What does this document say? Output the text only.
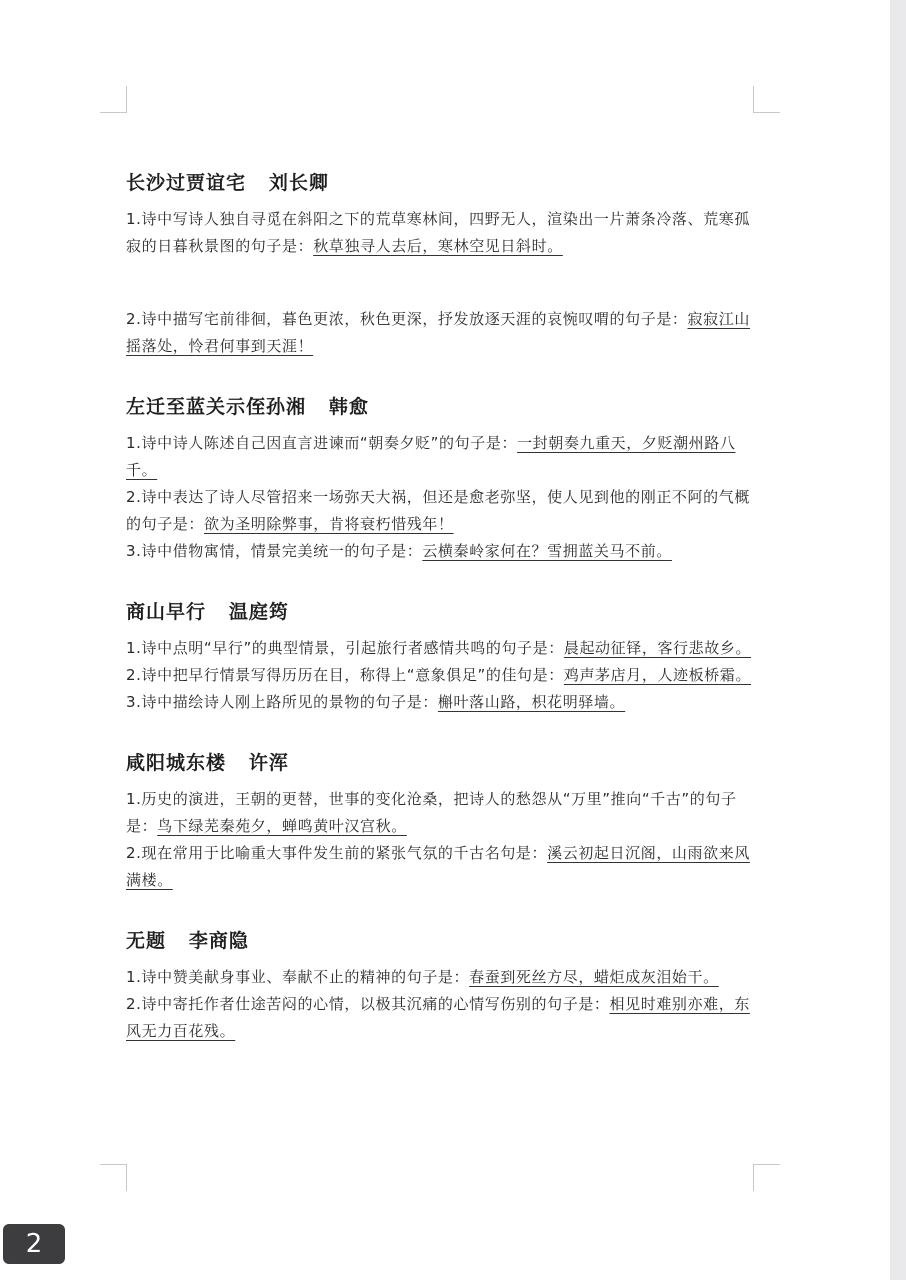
长沙过贾谊宅   刘长卿

1.诗中写诗人独自寻觅在斜阳之下的荒草寒林间，四野无人，渲染出一片萧条冷落、荒寒孤寂的日暮秋景图的句子是：秋草独寻人去后，寒林空见日斜时。

2.诗中描写宅前徘徊，暮色更浓，秋色更深，抒发放逐天涯的哀惋叹喟的句子是：寂寂江山摇落处，怜君何事到天涯！

左迁至蓝关示侄孙湘   韩愈

1.诗中诗人陈述自己因直言进谏而“朝奏夕贬”的句子是：一封朝奏九重天，夕贬潮州路八千。

2.诗中表达了诗人尽管招来一场弥天大祸，但还是愈老弥坚，使人见到他的刚正不阿的气概的句子是：欲为圣明除弊事，肯将衰朽惜残年！

3.诗中借物寓情，情景完美统一的句子是：云横秦岭家何在？雪拥蓝关马不前。

商山早行   温庭筠

1.诗中点明“早行”的典型情景，引起旅行者感情共鸣的句子是：晨起动征铎，客行悲故乡。

2.诗中把早行情景写得历历在目，称得上“意象俱足”的佳句是：鸡声茅店月，人迹板桥霜。

3.诗中描绘诗人刚上路所见的景物的句子是：槲叶落山路，枳花明驿墙。

咸阳城东楼   许浑

1.历史的演进，王朝的更替，世事的变化沧桑，把诗人的愁怨从“万里”推向“千古”的句子是：鸟下绿芜秦苑夕，蝉鸣黄叶汉宫秋。

2.现在常用于比喻重大事件发生前的紧张气氛的千古名句是：溪云初起日沉阁，山雨欲来风满楼。

无题   李商隐

1.诗中赞美献身事业、奉献不止的精神的句子是：春蚕到死丝方尽，蜡炬成灰泪始干。

2.诗中寄托作者仕途苦闷的心情，以极其沉痛的心情写伤别的句子是：相见时难别亦难，东风无力百花残。

2
